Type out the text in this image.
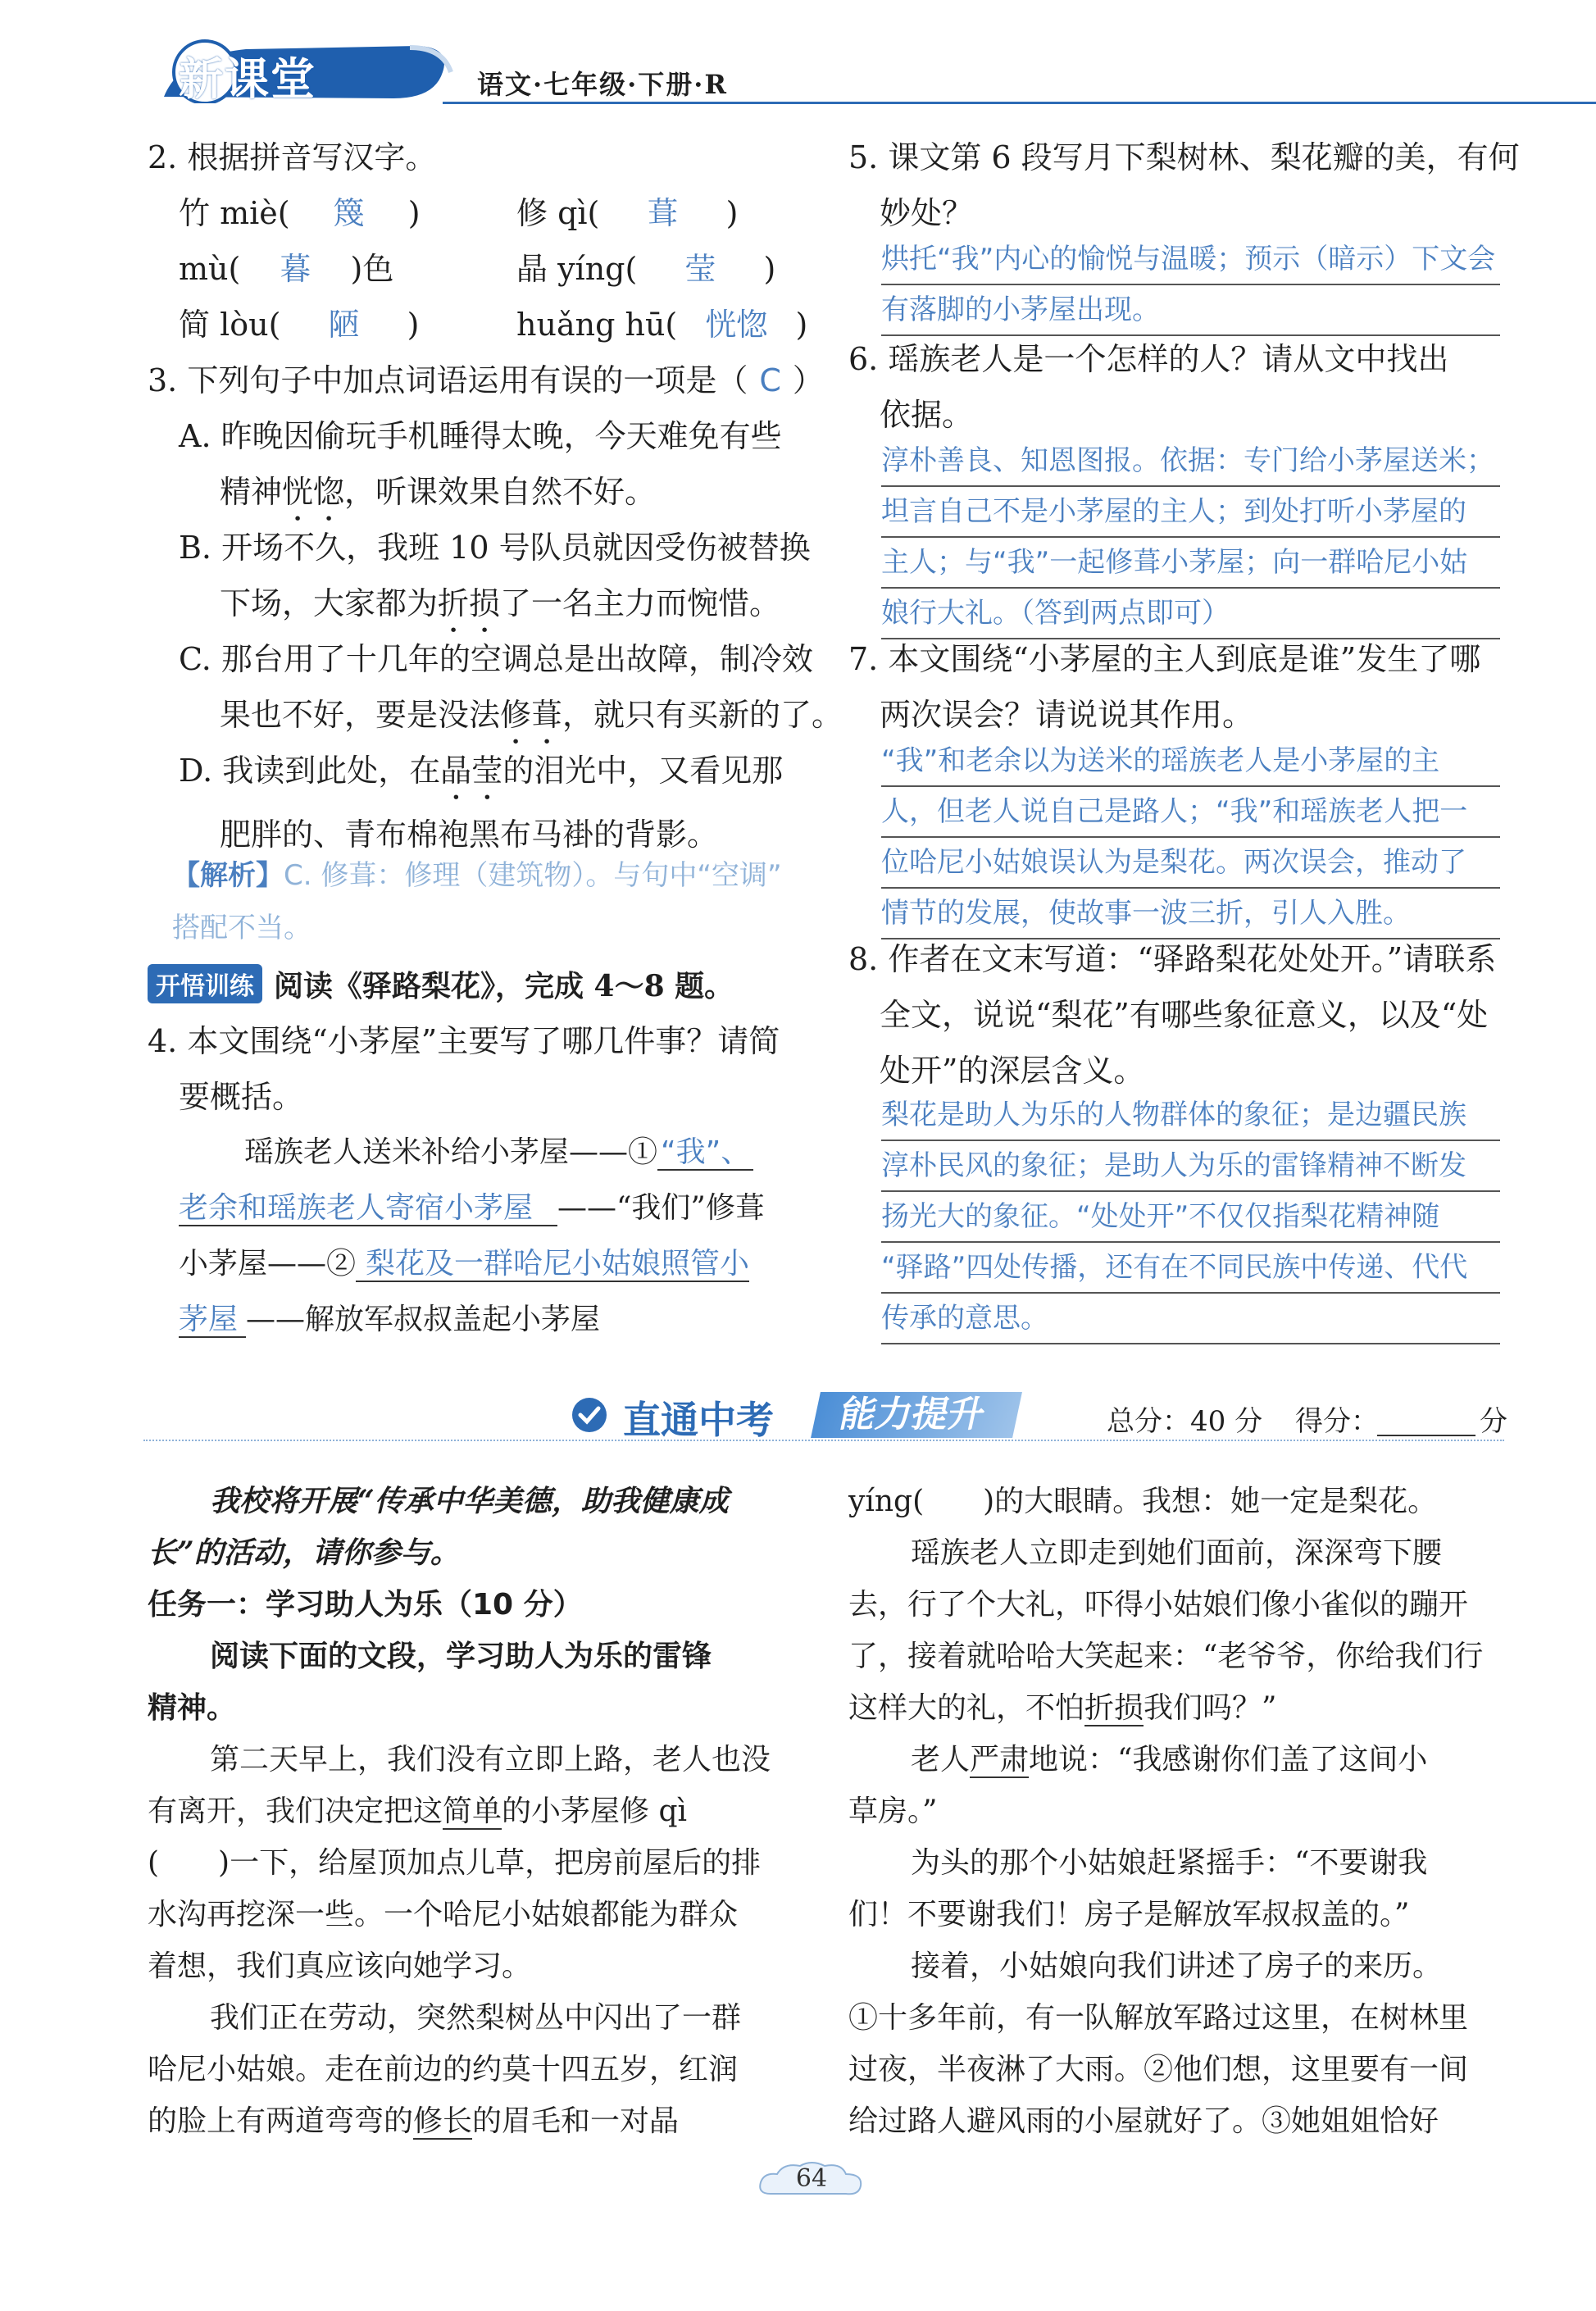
新课堂	语文·七年级·下册·R
2. 根据拼音写汉字。
竹 miè( 篾 )	修 qì( 葺 )
mù( 暮 )色	晶 yíng( 莹 )
简 lòu( 陋 )	huǎng hū( 恍惚 )
3. 下列句子中加点词语运用有误的一项是（ C ）
A. 昨晚因偷玩手机睡得太晚，今天难免有些
精神恍惚，听课效果自然不好。
B. 开场不久，我班 10 号队员就因受伤被替换
下场，大家都为折损了一名主力而惋惜。
C. 那台用了十几年的空调总是出故障，制冷效
果也不好，要是没法修葺，就只有买新的了。
D. 我读到此处，在晶莹的泪光中，又看见那
肥胖的、青布棉袍黑布马褂的背影。
【解析】C. 修葺：修理（建筑物）。与句中“空调”
搭配不当。
开悟训练 阅读《驿路梨花》，完成 4～8 题。
4. 本文围绕“小茅屋”主要写了哪几件事？请简
要概括。
瑶族老人送米补给小茅屋——① “我”、
老余和瑶族老人寄宿小茅屋 ——“我们”修葺
小茅屋——② 梨花及一群哈尼小姑娘照管小
茅屋 ——解放军叔叔盖起小茅屋
5. 课文第 6 段写月下梨树林、梨花瓣的美，有何
妙处？
烘托“我”内心的愉悦与温暖；预示（暗示）下文会
有落脚的小茅屋出现。
6. 瑶族老人是一个怎样的人？请从文中找出
依据。
淳朴善良、知恩图报。依据：专门给小茅屋送米；
坦言自己不是小茅屋的主人；到处打听小茅屋的
主人；与“我”一起修葺小茅屋；向一群哈尼小姑
娘行大礼。（答到两点即可）
7. 本文围绕“小茅屋的主人到底是谁”发生了哪
两次误会？请说说其作用。
“我”和老余以为送米的瑶族老人是小茅屋的主
人，但老人说自己是路人；“我”和瑶族老人把一
位哈尼小姑娘误认为是梨花。两次误会，推动了
情节的发展，使故事一波三折，引人入胜。
8. 作者在文末写道：“驿路梨花处处开。”请联系
全文，说说“梨花”有哪些象征意义，以及“处
处开”的深层含义。
梨花是助人为乐的人物群体的象征；是边疆民族
淳朴民风的象征；是助人为乐的雷锋精神不断发
扬光大的象征。“处处开”不仅仅指梨花精神随
“驿路”四处传播，还有在不同民族中传递、代代
传承的意思。
直通中考	能力提升	总分：40 分 得分：	分
我校将开展“传承中华美德，助我健康成
长”的活动，请你参与。
任务一：学习助人为乐（10 分）
阅读下面的文段，学习助人为乐的雷锋
精神。
第二天早上，我们没有立即上路，老人也没
有离开，我们决定把这简单的小茅屋修 qì
(　　)一下，给屋顶加点儿草，把房前屋后的排
水沟再挖深一些。一个哈尼小姑娘都能为群众
着想，我们真应该向她学习。
我们正在劳动，突然梨树丛中闪出了一群
哈尼小姑娘。走在前边的约莫十四五岁，红润
的脸上有两道弯弯的修长的眉毛和一对晶
yíng(　　)的大眼睛。我想：她一定是梨花。
瑶族老人立即走到她们面前，深深弯下腰
去，行了个大礼，吓得小姑娘们像小雀似的蹦开
了，接着就哈哈大笑起来：“老爷爷，你给我们行
这样大的礼，不怕折损我们吗？”
老人严肃地说：“我感谢你们盖了这间小
草房。”
为头的那个小姑娘赶紧摇手：“不要谢我
们！不要谢我们！房子是解放军叔叔盖的。”
接着，小姑娘向我们讲述了房子的来历。
①十多年前，有一队解放军路过这里，在树林里
过夜，半夜淋了大雨。②他们想，这里要有一间
给过路人避风雨的小屋就好了。③她姐姐恰好
64
